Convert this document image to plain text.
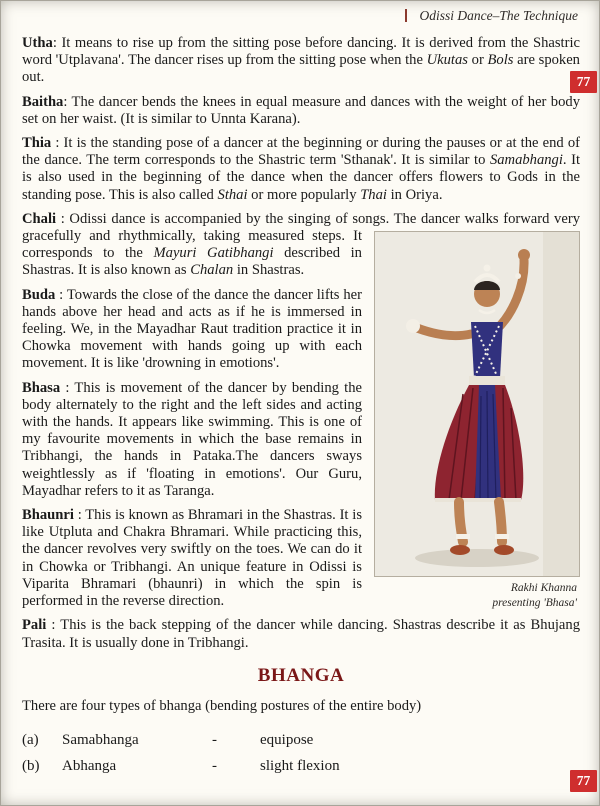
Odissi Dance–The Technique

Utha: It means to rise up from the sitting pose before dancing. It is derived from the Shastric word 'Utplavana'. The dancer rises up from the sitting pose when the Ukutas or Bols are spoken out.

Baitha: The dancer bends the knees in equal measure and dances with the weight of her body set on her waist. (It is similar to Unnta Karana).

Thia : It is the standing pose of a dancer at the beginning or during the pauses or at the end of the dance. The term corresponds to the Shastric term 'Sthanak'. It is similar to Samabhangi. It is also used in the beginning of the dance when the dancer offers flowers to Gods in the standing pose. This is also called Sthai or more popularly Thai in Oriya.

Chali : Odissi dance is accompanied by the singing of songs. The dancer walks forward very gracefully and rhythmically, taking measured steps.
Rakhi Khanna
presenting 'Bhasa'
It corresponds to the Mayuri Gatibhangi described in Shastras. It is also known as Chalan in Shastras.

Buda : Towards the close of the dance the dancer lifts her hands above her head and acts as if he is immersed in feeling. We, in the Mayadhar Raut tradition practice it in Chowka movement with hands going up with each movement. It is like 'drowning in emotions'.

Bhasa : This is movement of the dancer by bending the body alternately to the right and the left sides and acting with the hands. It appears like swimming. This is one of my favourite movements in which the base remains in Tribhangi, the hands in Pataka.The dancers sways weightlessly as if 'floating in emotions'. Our Guru, Mayadhar refers to it as Taranga.

Bhaunri : This is known as Bhramari in the Shastras. It is like Utpluta and Chakra Bhramari. While practicing this, the dancer revolves very swiftly on the toes. We can do it in Chowka or Tribhangi. An unique feature in Odissi is Viparita Bhramari (bhaunri) in which the spin is performed in the reverse direction.

Pali : This is the back stepping of the dancer while dancing. Shastras describe it as Bhujang Trasita. It is usually done in Tribhangi.

BHANGA

There are four types of bhanga (bending postures of the entire body)

(a)	Samabhanga	-	equipose
(b)	Abhanga	-	slight flexion
77
77
